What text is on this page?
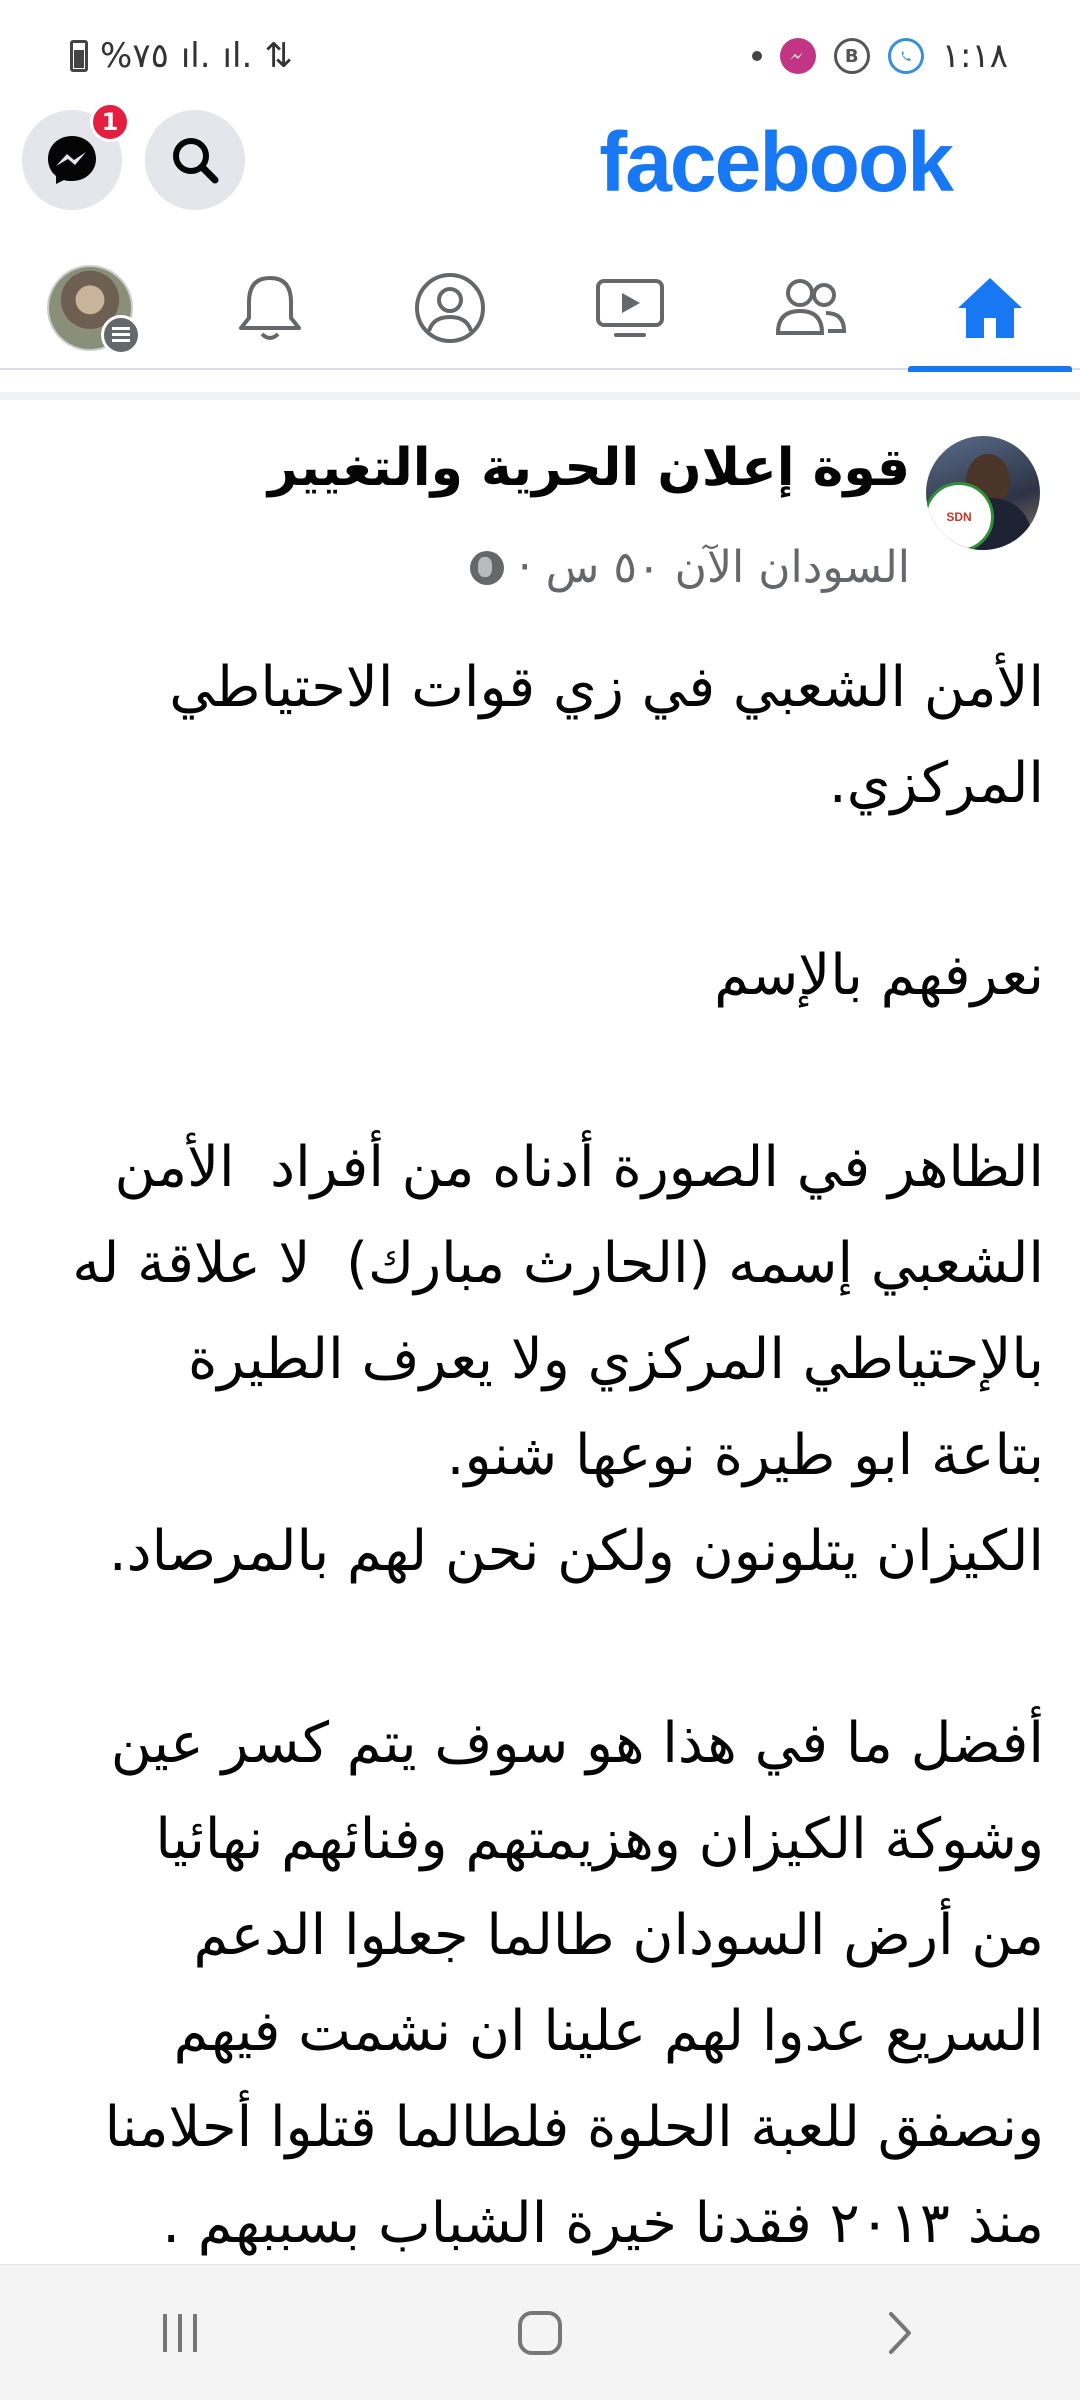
%٧٥ ıl. ıl. ⇅	B	١:١٨
1	facebook
SDN
قوة إعلان الحرية والتغيير
السودان الآن ٥٠ س ·
الأمن الشعبي في زي قوات الاحتياطي
المركزي.

نعرفهم بالإسم

الظاهر في الصورة أدناه من أفراد  الأمن
الشعبي إسمه (الحارث مبارك)  لا علاقة له
بالإحتياطي المركزي ولا يعرف الطيرة
بتاعة ابو طيرة نوعها شنو.
الكيزان يتلونون ولكن نحن لهم بالمرصاد.

أفضل ما في هذا هو سوف يتم كسر عين
وشوكة الكيزان وهزيمتهم وفنائهم نهائيا
من أرض السودان طالما جعلوا الدعم
السريع عدوا لهم علينا ان نشمت فيهم
ونصفق للعبة الحلوة فلطالما قتلوا أحلامنا
منذ ٢٠١٣ فقدنا خيرة الشباب بسببهم .
